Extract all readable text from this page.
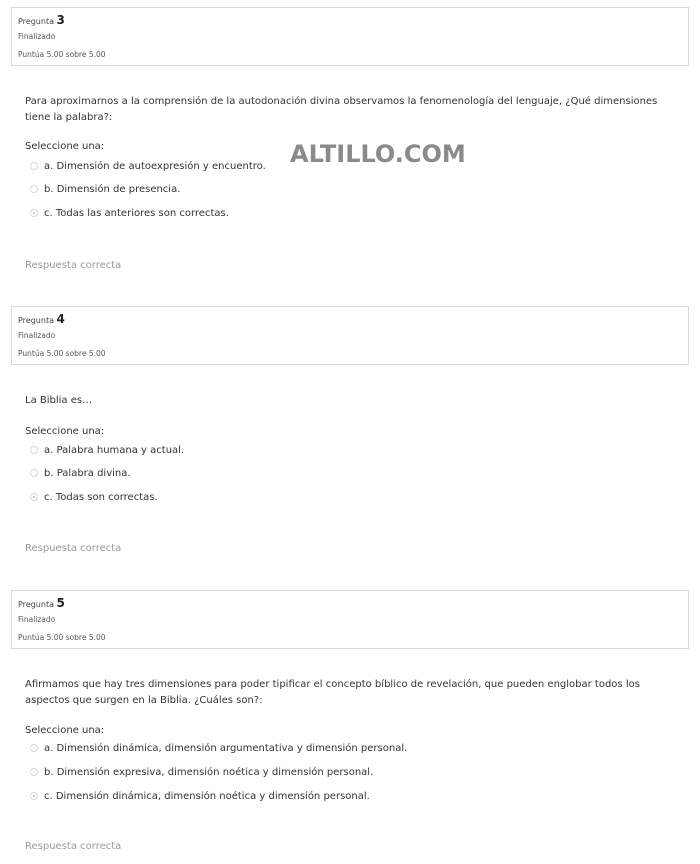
Pregunta 3
Finalizado
Puntúa 5.00 sobre 5.00
Para aproximarnos a la comprensión de la autodonación divina observamos la fenomenología del lenguaje, ¿Qué dimensiones tiene la palabra?:
Seleccione una:
a. Dimensión de autoexpresión y encuentro.
b. Dimensión de presencia.
c. Todas las anteriores son correctas.
Respuesta correcta
Pregunta 4
Finalizado
Puntúa 5.00 sobre 5.00
La Biblia es…
Seleccione una:
a. Palabra humana y actual.
b. Palabra divina.
c. Todas son correctas.
Respuesta correcta
Pregunta 5
Finalizado
Puntúa 5.00 sobre 5.00
Afirmamos que hay tres dimensiones para poder tipificar el concepto bíblico de revelación, que pueden englobar todos los aspectos que surgen en la Biblia. ¿Cuáles son?:
Seleccione una:
a. Dimensión dinámica, dimensión argumentativa y dimensión personal.
b. Dimensión expresiva, dimensión noética y dimensión personal.
c. Dimensión dinámica, dimensión noética y dimensión personal.
Respuesta correcta
ALTILLO.COM
